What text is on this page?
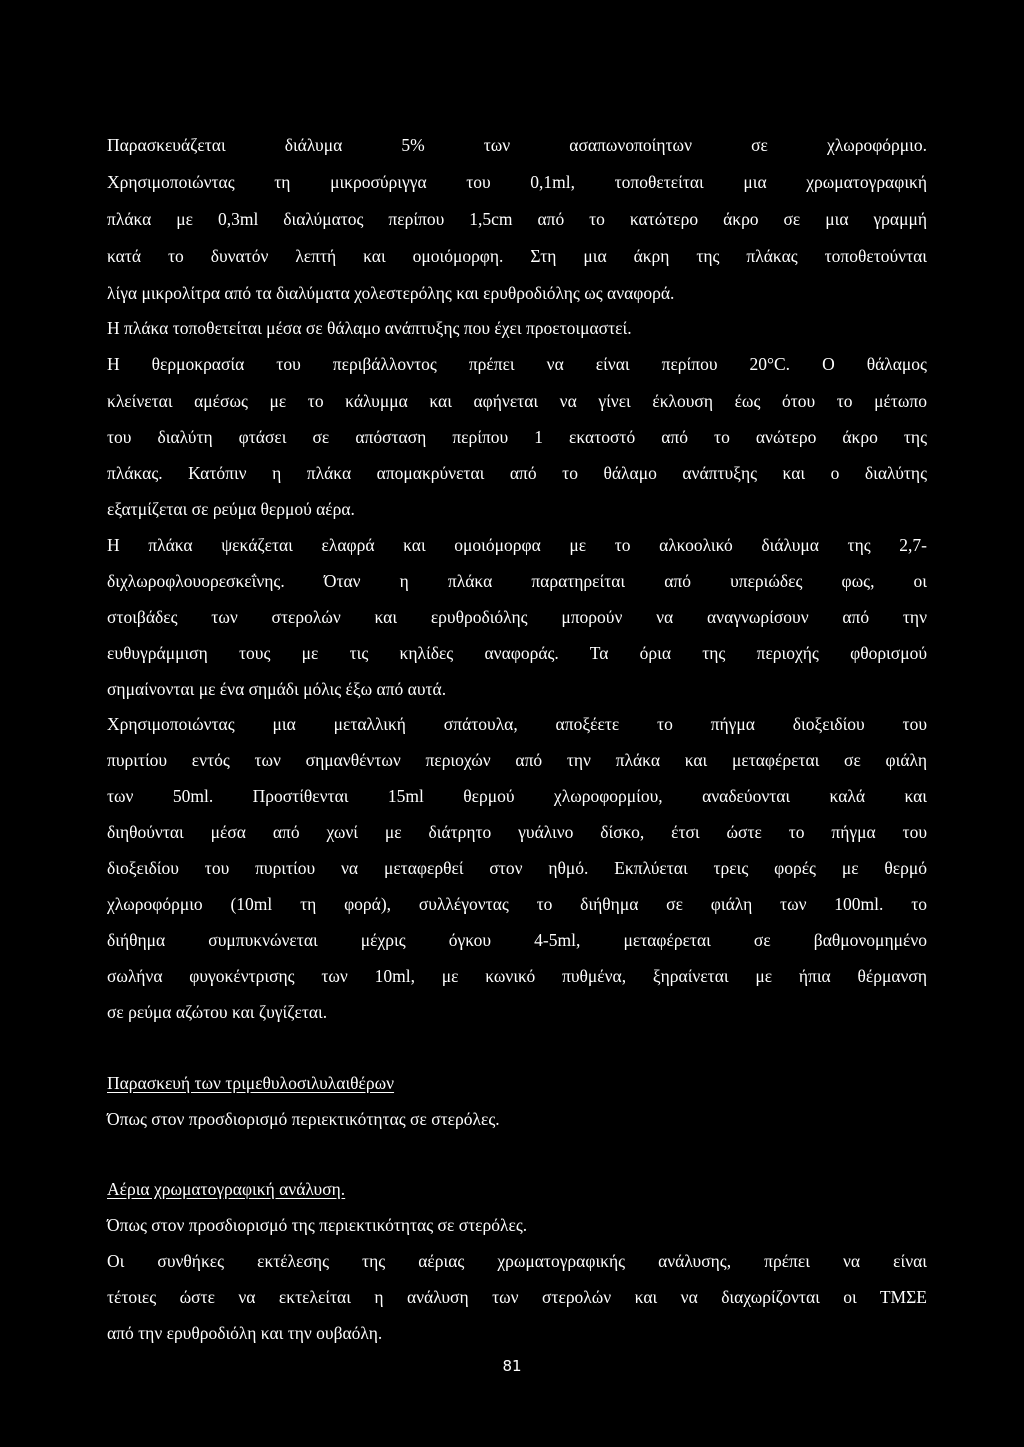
Παρασκευάζεται διάλυμα 5% των ασαπωνοποίητων σε χλωροφόρμιο.
Χρησιμοποιώντας τη μικροσύριγγα του 0,1ml, τοποθετείται μια χρωματογραφική
πλάκα με 0,3ml διαλύματος περίπου 1,5cm από το κατώτερο άκρο σε μια γραμμή
κατά το δυνατόν λεπτή και ομοιόμορφη. Στη μια άκρη της πλάκας τοποθετούνται
λίγα μικρολίτρα από τα διαλύματα χολεστερόλης και ερυθροδιόλης ως αναφορά.
Η πλάκα τοποθετείται μέσα σε θάλαμο ανάπτυξης που έχει προετοιμαστεί.
Η θερμοκρασία του περιβάλλοντος πρέπει να είναι περίπου 20°C. Ο θάλαμος
κλείνεται αμέσως με το κάλυμμα και αφήνεται να γίνει έκλουση έως ότου το μέτωπο
του διαλύτη φτάσει σε απόσταση περίπου 1 εκατοστό από το ανώτερο άκρο της
πλάκας. Κατόπιν η πλάκα απομακρύνεται από το θάλαμο ανάπτυξης και ο διαλύτης
εξατμίζεται σε ρεύμα θερμού αέρα.
Η πλάκα ψεκάζεται ελαφρά και ομοιόμορφα με το αλκοολικό διάλυμα της 2,7-
διχλωροφλουορεσκεΐνης. Όταν η πλάκα παρατηρείται από υπεριώδες φως, οι
στοιβάδες των στερολών και ερυθροδιόλης μπορούν να αναγνωρίσουν από την
ευθυγράμμιση τους με τις κηλίδες αναφοράς. Τα όρια της περιοχής φθορισμού
σημαίνονται με ένα σημάδι μόλις έξω από αυτά.
Χρησιμοποιώντας μια μεταλλική σπάτουλα, αποξέετε το πήγμα διοξειδίου του
πυριτίου εντός των σημανθέντων περιοχών από την πλάκα και μεταφέρεται σε φιάλη
των 50ml. Προστίθενται 15ml θερμού χλωροφορμίου, αναδεύονται καλά και
διηθούνται μέσα από χωνί με διάτρητο γυάλινο δίσκο, έτσι ώστε το πήγμα του
διοξειδίου του πυριτίου να μεταφερθεί στον ηθμό. Εκπλύεται τρεις φορές με θερμό
χλωροφόρμιο (10ml τη φορά), συλλέγοντας το διήθημα σε φιάλη των 100ml. το
διήθημα συμπυκνώνεται μέχρις όγκου 4-5ml, μεταφέρεται σε βαθμονομημένο
σωλήνα φυγοκέντρισης των 10ml, με κωνικό πυθμένα, ξηραίνεται με ήπια θέρμανση
σε ρεύμα αζώτου και ζυγίζεται.
Παρασκευή των τριμεθυλοσιλυλαιθέρων
Όπως στον προσδιορισμό περιεκτικότητας σε στερόλες.
Αέρια χρωματογραφική ανάλυση.
Όπως στον προσδιορισμό της περιεκτικότητας σε στερόλες.
Οι συνθήκες εκτέλεσης της αέριας χρωματογραφικής ανάλυσης, πρέπει να είναι
τέτοιες ώστε να εκτελείται η ανάλυση των στερολών και να διαχωρίζονται οι ΤΜΣΕ
από την ερυθροδιόλη και την ουβαόλη.
81
